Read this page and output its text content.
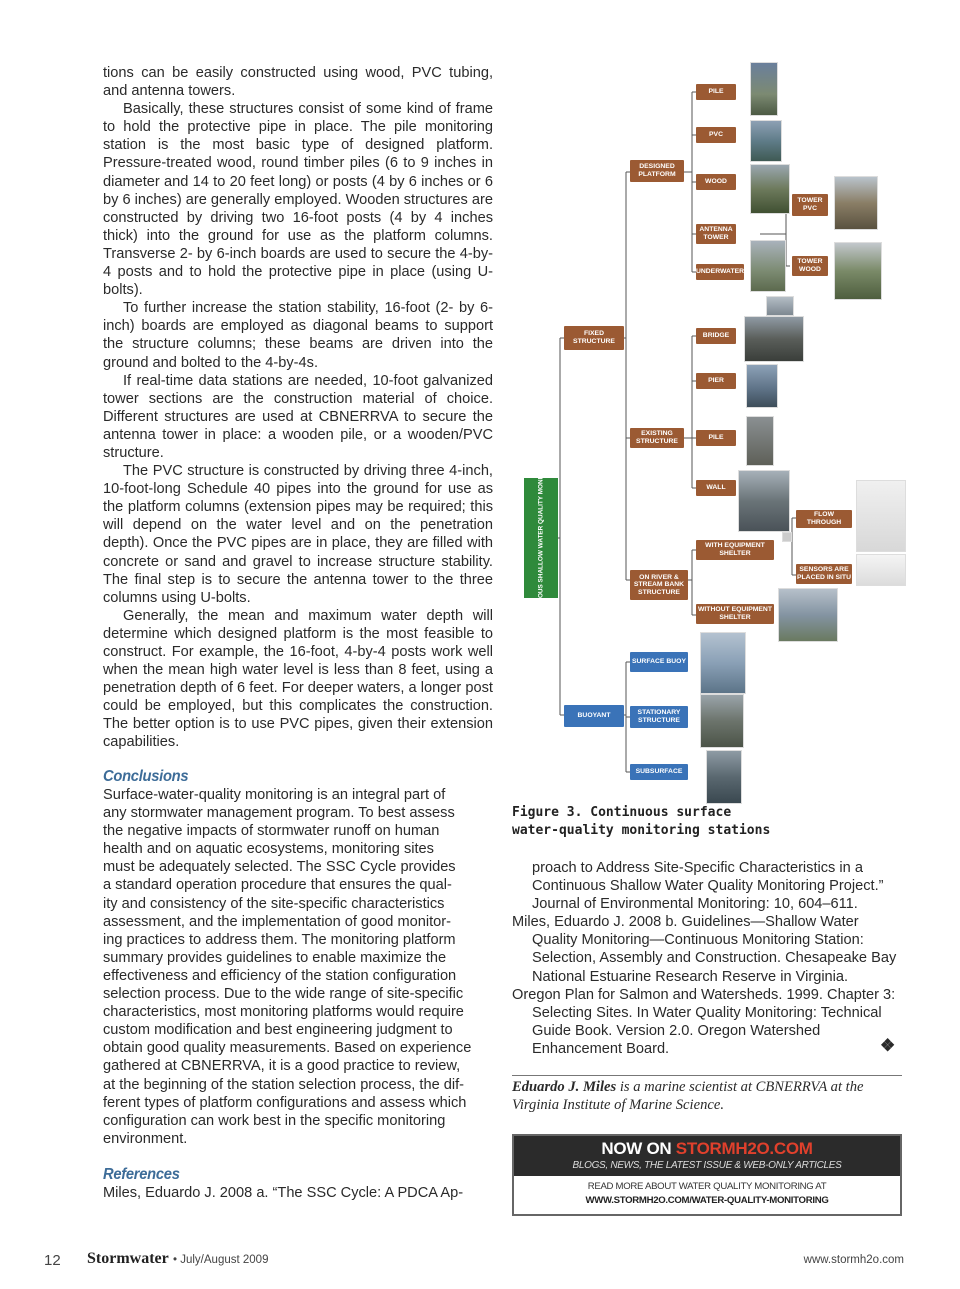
tions can be easily constructed using wood, PVC tubing, and antenna towers.

Basically, these structures consist of some kind of frame to hold the protective pipe in place. The pile monitoring station is the most basic type of designed platform. Pressure-treated wood, round timber piles (6 to 9 inches in diameter and 14 to 20 feet long) or posts (4 by 6 inches or 6 by 6 inches) are generally employed. Wooden structures are constructed by driving two 16-foot posts (4 by 4 inches thick) into the ground for use as the platform columns. Transverse 2- by 6-inch boards are used to secure the 4-by-4 posts and to hold the protective pipe in place (using U-bolts).

To further increase the station stability, 16-foot (2- by 6-inch) boards are employed as diagonal beams to support the structure columns; these beams are driven into the ground and bolted to the 4-by-4s.

If real-time data stations are needed, 10-foot galvanized tower sections are the construction material of choice. Different structures are used at CBNERRVA to secure the antenna tower in place: a wooden pile, or a wooden/PVC structure.

The PVC structure is constructed by driving three 4-inch, 10-foot-long Schedule 40 pipes into the ground for use as the platform columns (extension pipes may be required; this will depend on the water level and on the penetration depth). Once the PVC pipes are in place, they are filled with concrete or sand and gravel to increase structure stability. The final step is to secure the antenna tower to the three columns using U-bolts.

Generally, the mean and maximum water depth will determine which designed platform is the most feasible to construct. For example, the 16-foot, 4-by-4 posts work well when the mean high water level is less than 8 feet, using a penetration depth of 6 feet. For deeper waters, a longer post could be employed, but this complicates the construction. The better option is to use PVC pipes, given their extension capabilities.

Conclusions
Surface-water-quality monitoring is an integral part of
any stormwater management program. To best assess
the negative impacts of stormwater runoff on human
health and on aquatic ecosystems, monitoring sites
must be adequately selected. The SSC Cycle provides
a standard operation procedure that ensures the qual-
ity and consistency of the site-specific characteristics
assessment, and the implementation of good monitor-
ing practices to address them. The monitoring platform
summary provides guidelines to enable maximize the
effectiveness and efficiency of the station configuration
selection process. Due to the wide range of site-specific
characteristics, most monitoring platforms would require
custom modification and best engineering judgment to
obtain good quality measurements. Based on experience
gathered at CBNERRVA, it is a good practice to review,
at the beginning of the station selection process, the dif-
ferent types of platform configurations and assess which
configuration can work best in the specific monitoring
environment.
References
Miles, Eduardo J. 2008 a. “The SSC Cycle: A PDCA Ap-
TYPE OF CONTINUOUS SHALLOW WATER QUALITY MONITORING STATIONS
FIXED STRUCTURE
DESIGNED PLATFORM
EXISTING STRUCTURE
ON RIVER & STREAM BANK STRUCTURE
BUOYANT
PILE
PVC
WOOD
ANTENNA TOWER
UNDERWATER
TOWER PVC
TOWER WOOD
BRIDGE
PIER
PILE
WALL
WITH EQUIPMENT SHELTER
FLOW THROUGH
SENSORS ARE PLACED IN SITU
WITHOUT EQUIPMENT SHELTER
SURFACE BUOY
STATIONARY STRUCTURE
SUBSURFACE
Figure 3. Continuous surface
water-quality monitoring stations

proach to Address Site-Specific Characteristics in a Continuous Shallow Water Quality Monitoring Project.” Journal of Environmental Monitoring: 10, 604–611.

Miles, Eduardo J. 2008 b. Guidelines—Shallow Water Quality Monitoring—Continuous Monitoring Station: Selection, Assembly and Construction. Chesapeake Bay National Estuarine Research Reserve in Virginia.

Oregon Plan for Salmon and Watersheds. 1999. Chapter 3: Selecting Sites. In Water Quality Monitoring: Technical Guide Book. Version 2.0. Oregon Watershed Enhancement Board.	❖
Eduardo J. Miles is a marine scientist at CBNERRVA at the Virginia Institute of Marine Science.
NOW ON STORMH2O.COM
BLOGS, NEWS, THE LATEST ISSUE & WEB-ONLY ARTICLES
READ MORE ABOUT WATER QUALITY MONITORING AT
WWW.STORMH2O.COM/WATER-QUALITY-MONITORING
12 Stormwater • July/August 2009	www.stormh2o.com
